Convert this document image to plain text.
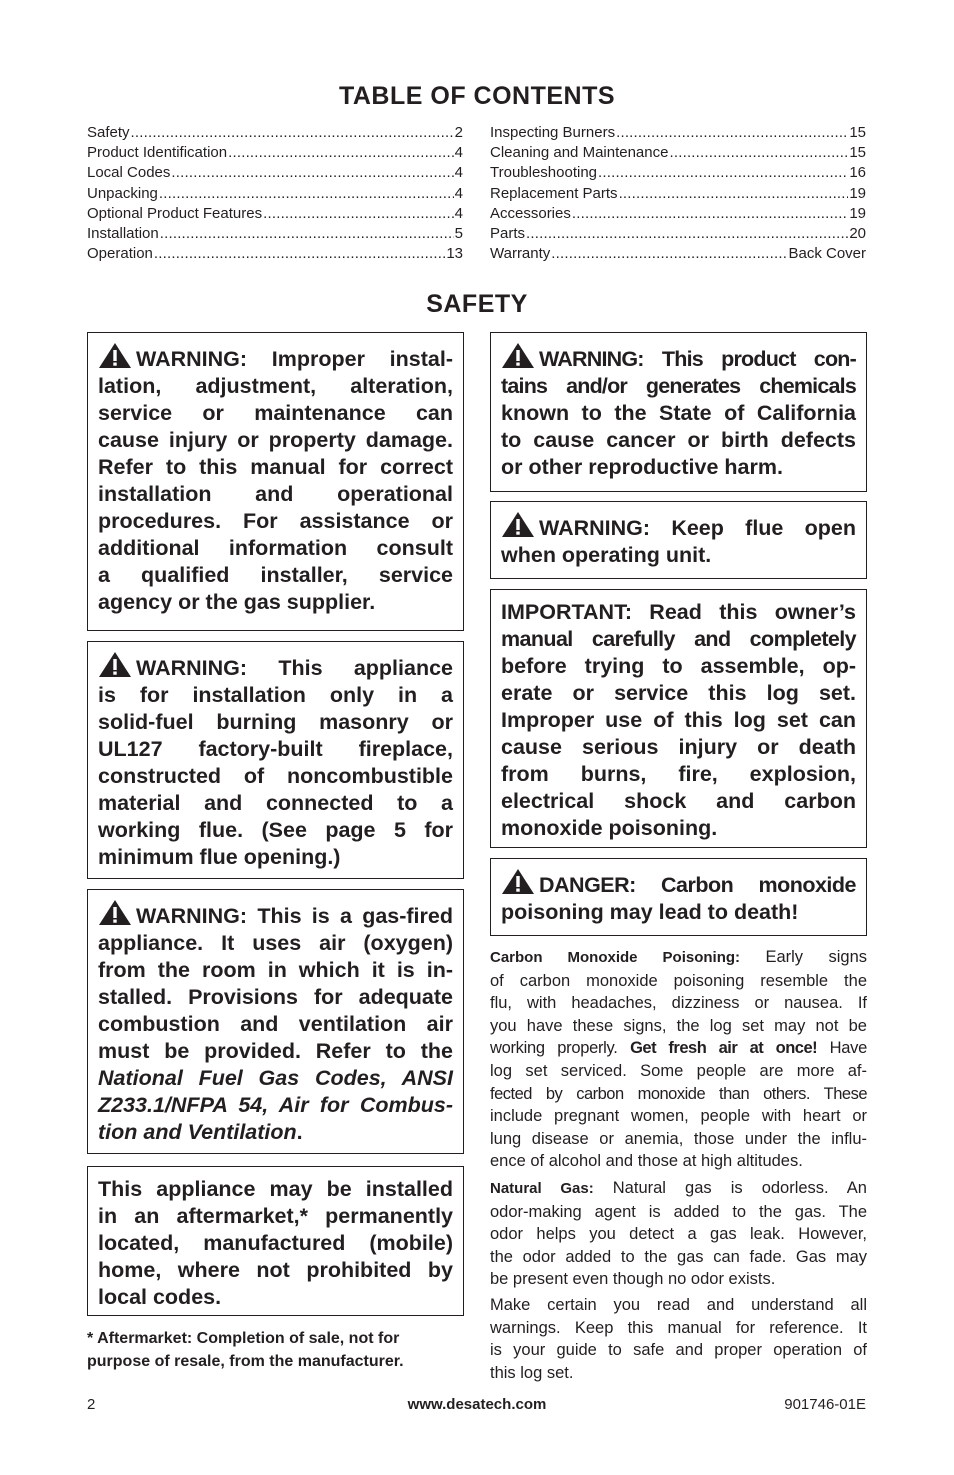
TABLE OF CONTENTS
Safety .....	2
Product Identification .....	4
Local Codes .....	4
Unpacking .....	4
Optional Product Features .....	4
Installation .....	5
Operation .....	13
Inspecting Burners .....	15
Cleaning and Maintenance .....	15
Troubleshooting .....	16
Replacement Parts .....	19
Accessories .....	19
Parts .....	20
Warranty .....	Back Cover
SAFETY
WARNING: Improper instal-
lation, adjustment, alteration,
service or maintenance can
cause injury or property damage.
Refer to this manual for correct
installation and operational
procedures. For assistance or
additional information consult
a qualified installer, service
agency or the gas supplier.
WARNING: This appliance
is for installation only in a
solid-fuel burning masonry or
UL127 factory-built fireplace,
constructed of noncombustible
material and connected to a
working flue. (See page 5 for
minimum flue opening.)
WARNING: This is a gas-fired
appliance. It uses air (oxygen)
from the room in which it is in-
stalled. Provisions for adequate
combustion and ventilation air
must be provided. Refer to the
National Fuel Gas Codes, ANSI
Z233.1/NFPA 54, Air for Combus-
tion and Ventilation.
This appliance may be installed
in an aftermarket,* permanently
located, manufactured (mobile)
home, where not prohibited by
local codes.
* Aftermarket: Completion of sale, not for
purpose of resale, from the manufacturer.
WARNING: This product con-
tains and/or generates chemicals
known to the State of California
to cause cancer or birth defects
or other reproductive harm.
WARNING: Keep flue open
when operating unit.
IMPORTANT: Read this owner’s
manual carefully and completely
before trying to assemble, op-
erate or service this log set.
Improper use of this log set can
cause serious injury or death
from burns, fire, explosion,
electrical shock and carbon
monoxide poisoning.
DANGER: Carbon monoxide
poisoning may lead to death!
Carbon Monoxide Poisoning: Early signs
of carbon monoxide poisoning resemble the
flu, with headaches, dizziness or nausea. If
you have these signs, the log set may not be
working properly. Get fresh air at once! Have
log set serviced. Some people are more af-
fected by carbon monoxide than others. These
include pregnant women, people with heart or
lung disease or anemia, those under the influ-
ence of alcohol and those at high altitudes.
Natural Gas: Natural gas is odorless. An
odor-making agent is added to the gas. The
odor helps you detect a gas leak. However,
the odor added to the gas can fade. Gas may
be present even though no odor exists.
Make certain you read and understand all
warnings. Keep this manual for reference. It
is your guide to safe and proper operation of
this log set.
2	www.desatech.com	901746-01E
